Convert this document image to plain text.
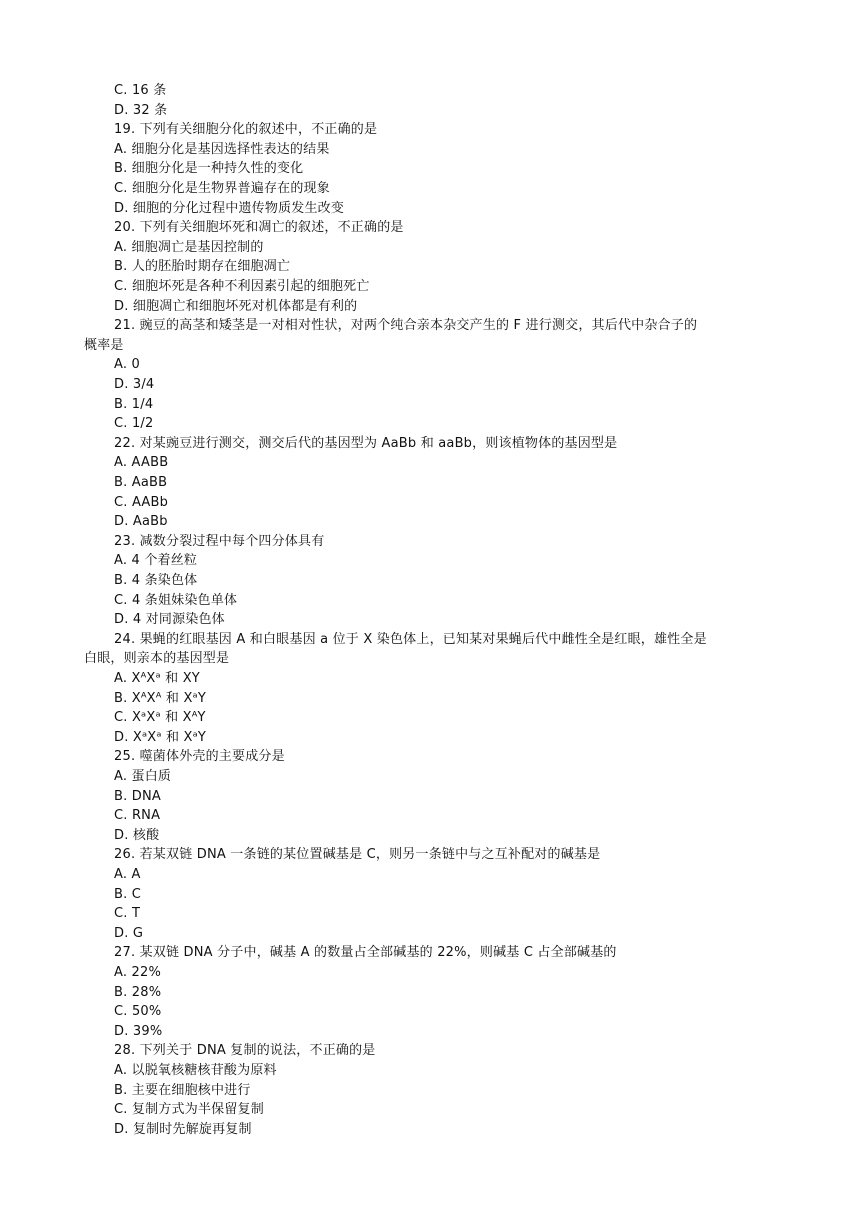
C. 16 条
D. 32 条
19. 下列有关细胞分化的叙述中，不正确的是
A. 细胞分化是基因选择性表达的结果
B. 细胞分化是一种持久性的变化
C. 细胞分化是生物界普遍存在的现象
D. 细胞的分化过程中遗传物质发生改变
20. 下列有关细胞坏死和凋亡的叙述，不正确的是
A. 细胞凋亡是基因控制的
B. 人的胚胎时期存在细胞凋亡
C. 细胞坏死是各种不利因素引起的细胞死亡
D. 细胞凋亡和细胞坏死对机体都是有利的
21. 豌豆的高茎和矮茎是一对相对性状，对两个纯合亲本杂交产生的 F 进行测交，其后代中杂合子的
概率是
A. 0
D. 3/4
B. 1/4
C. 1/2
22. 对某豌豆进行测交，测交后代的基因型为 AaBb 和 aaBb，则该植物体的基因型是
A. AABB
B. AaBB
C. AABb
D. AaBb
23. 减数分裂过程中每个四分体具有
A. 4 个着丝粒
B. 4 条染色体
C. 4 条姐妹染色单体
D. 4 对同源染色体
24. 果蝇的红眼基因 A 和白眼基因 a 位于 X 染色体上，已知某对果蝇后代中雌性全是红眼，雄性全是
白眼，则亲本的基因型是
A. XᴬXᵃ 和 XY
B. XᴬXᴬ 和 XᵃY
C. XᵃXᵃ 和 XᴬY
D. XᵃXᵃ 和 XᵃY
25. 噬菌体外壳的主要成分是
A. 蛋白质
B. DNA
C. RNA
D. 核酸
26. 若某双链 DNA 一条链的某位置碱基是 C，则另一条链中与之互补配对的碱基是
A. A
B. C
C. T
D. G
27. 某双链 DNA 分子中，碱基 A 的数量占全部碱基的 22%，则碱基 C 占全部碱基的
A. 22%
B. 28%
C. 50%
D. 39%
28. 下列关于 DNA 复制的说法，不正确的是
A. 以脱氧核糖核苷酸为原料
B. 主要在细胞核中进行
C. 复制方式为半保留复制
D. 复制时先解旋再复制
